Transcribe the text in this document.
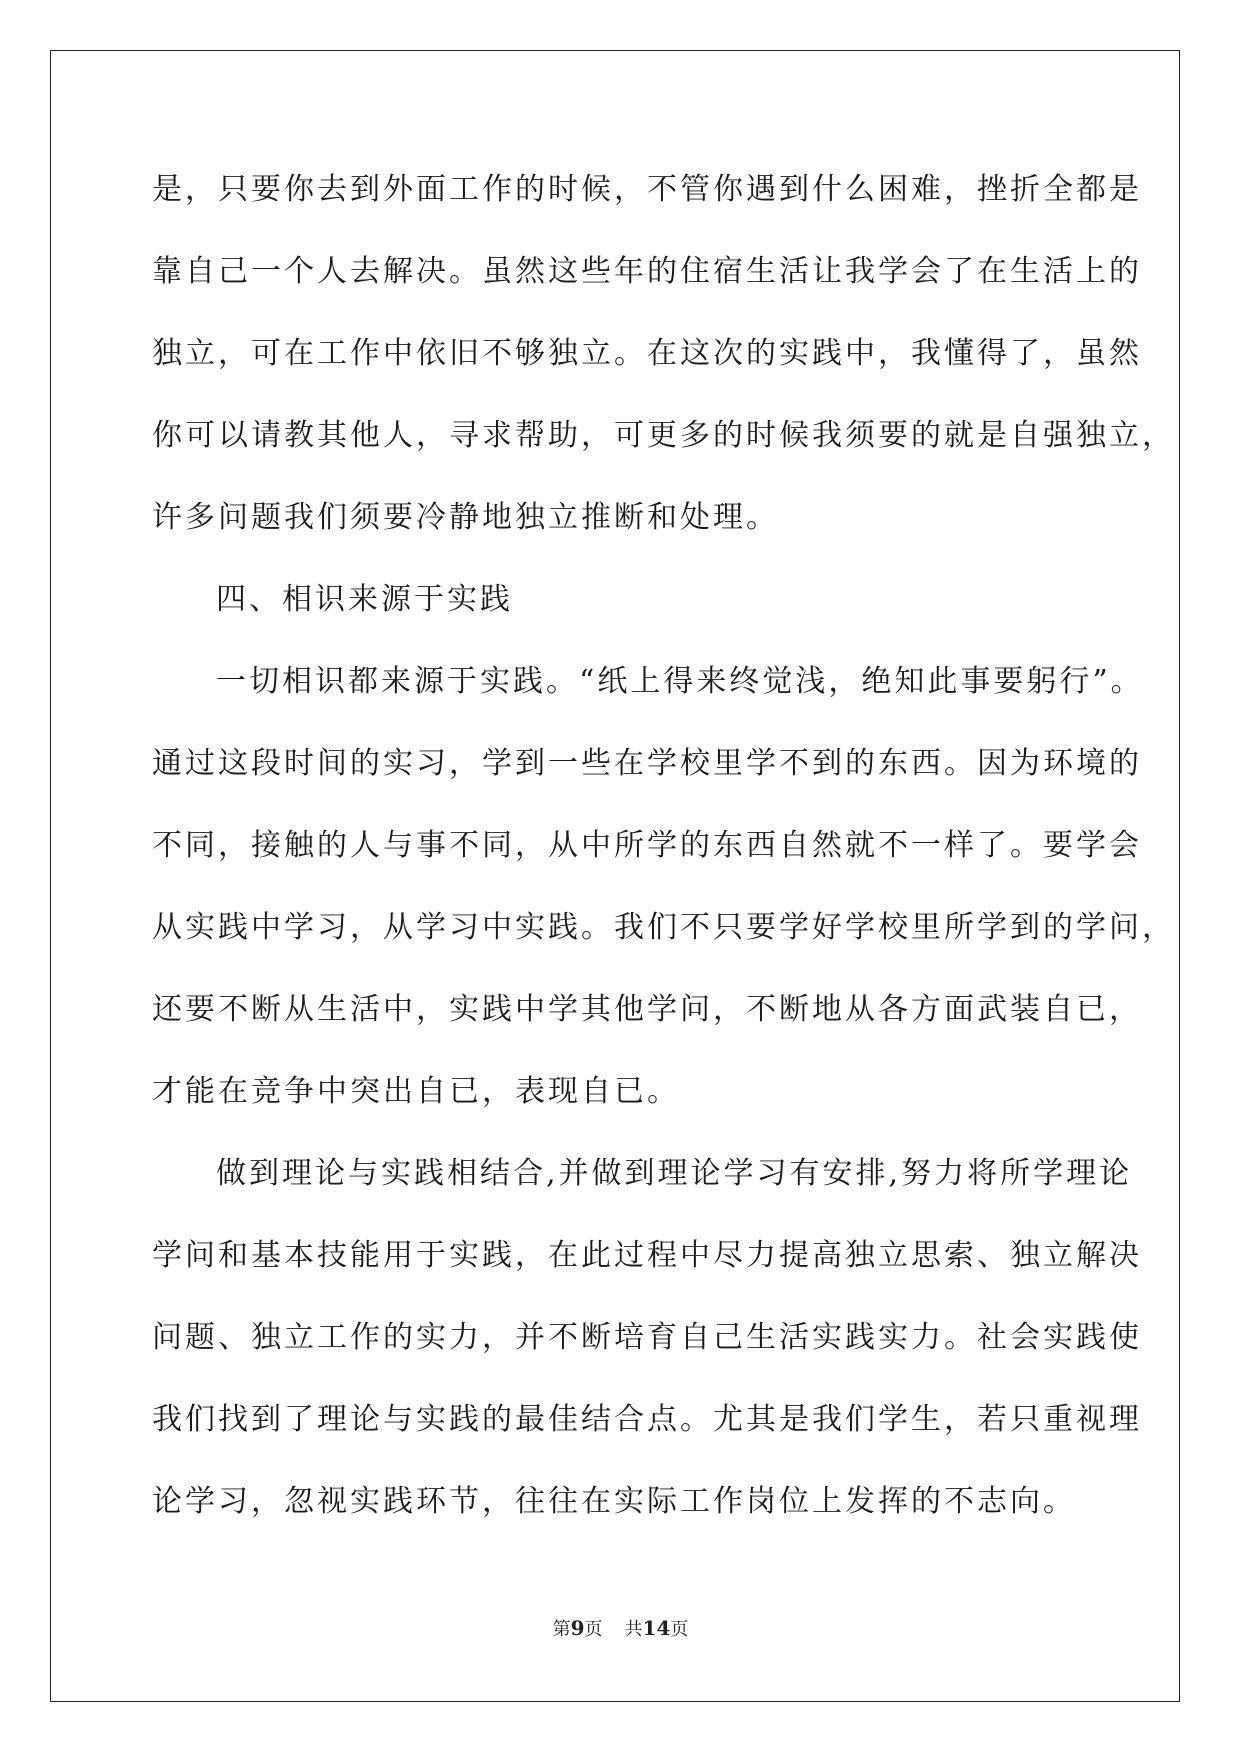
是，只要你去到外面工作的时候，不管你遇到什么困难，挫折全都是
靠自己一个人去解决。虽然这些年的住宿生活让我学会了在生活上的
独立，可在工作中依旧不够独立。在这次的实践中，我懂得了，虽然
你可以请教其他人，寻求帮助，可更多的时候我须要的就是自强独立，
许多问题我们须要冷静地独立推断和处理。
四、相识来源于实践
一切相识都来源于实践。“纸上得来终觉浅，绝知此事要躬行”。
通过这段时间的实习，学到一些在学校里学不到的东西。因为环境的
不同，接触的人与事不同，从中所学的东西自然就不一样了。要学会
从实践中学习，从学习中实践。我们不只要学好学校里所学到的学问，
还要不断从生活中，实践中学其他学问，不断地从各方面武装自已，
才能在竞争中突出自已，表现自已。
做到理论与实践相结合,并做到理论学习有安排,努力将所学理论
学问和基本技能用于实践，在此过程中尽力提高独立思索、独立解决
问题、独立工作的实力，并不断培育自己生活实践实力。社会实践使
我们找到了理论与实践的最佳结合点。尤其是我们学生，若只重视理
论学习，忽视实践环节，往往在实际工作岗位上发挥的不志向。
第9页 共14页
